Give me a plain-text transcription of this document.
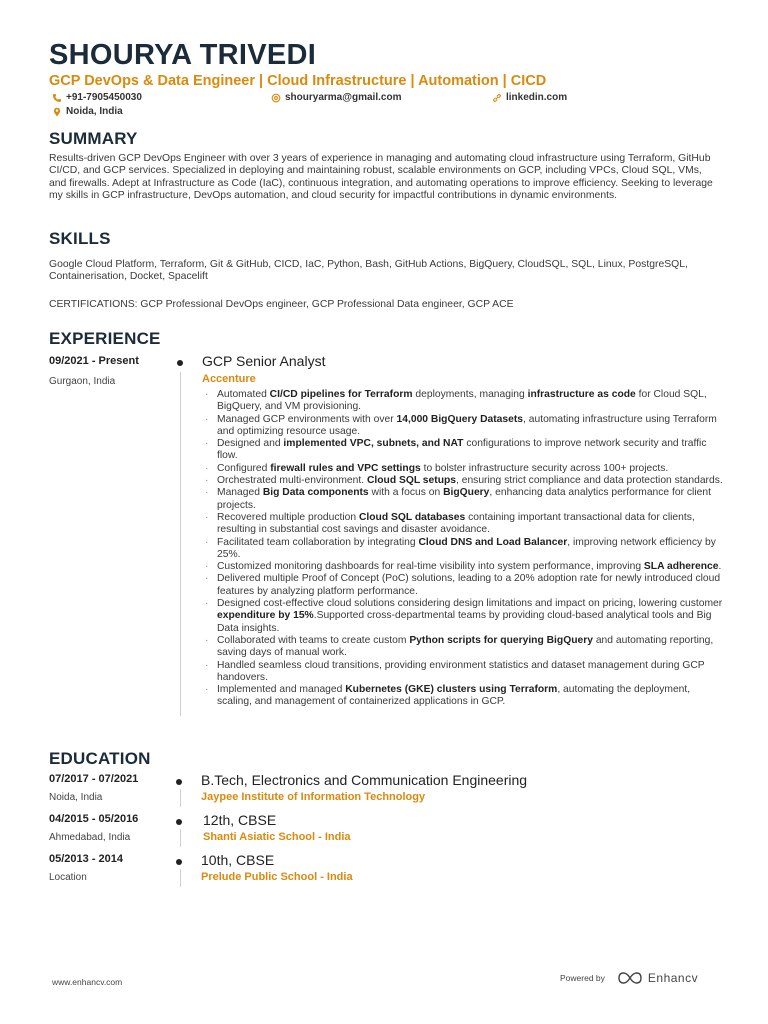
SHOURYA TRIVEDI
GCP DevOps & Data Engineer | Cloud Infrastructure | Automation | CICD
+91-7905450030	shouryarma@gmail.com	linkedin.com
Noida, India
SUMMARY
Results-driven GCP DevOps Engineer with over 3 years of experience in managing and automating cloud infrastructure using Terraform, GitHub CI/CD, and GCP services. Specialized in deploying and maintaining robust, scalable environments on GCP, including VPCs, Cloud SQL, VMs, and firewalls. Adept at Infrastructure as Code (IaC), continuous integration, and automating operations to improve efficiency. Seeking to leverage my skills in GCP infrastructure, DevOps automation, and cloud security for impactful contributions in dynamic environments.
SKILLS
Google Cloud Platform, Terraform, Git & GitHub, CICD, IaC, Python, Bash, GitHub Actions, BigQuery, CloudSQL, SQL, Linux, PostgreSQL, Containerisation, Docket, Spacelift
CERTIFICATIONS: GCP Professional DevOps engineer, GCP Professional Data engineer, GCP ACE
EXPERIENCE
09/2021 - Present
Gurgaon, India
GCP Senior Analyst
Accenture
· Automated CI/CD pipelines for Terraform deployments, managing infrastructure as code for Cloud SQL, BigQuery, and VM provisioning.
· Managed GCP environments with over 14,000 BigQuery Datasets, automating infrastructure using Terraform and optimizing resource usage.
· Designed and implemented VPC, subnets, and NAT configurations to improve network security and traffic flow.
· Configured firewall rules and VPC settings to bolster infrastructure security across 100+ projects.
· Orchestrated multi-environment. Cloud SQL setups, ensuring strict compliance and data protection standards.
· Managed Big Data components with a focus on BigQuery, enhancing data analytics performance for client projects.
· Recovered multiple production Cloud SQL databases containing important transactional data for clients, resulting in substantial cost savings and disaster avoidance.
· Facilitated team collaboration by integrating Cloud DNS and Load Balancer, improving network efficiency by 25%.
· Customized monitoring dashboards for real-time visibility into system performance, improving SLA adherence.
· Delivered multiple Proof of Concept (PoC) solutions, leading to a 20% adoption rate for newly introduced cloud features by analyzing platform performance.
· Designed cost-effective cloud solutions considering design limitations and impact on pricing, lowering customer expenditure by 15%.Supported cross-departmental teams by providing cloud-based analytical tools and Big Data insights.
· Collaborated with teams to create custom Python scripts for querying BigQuery and automating reporting, saving days of manual work.
· Handled seamless cloud transitions, providing environment statistics and dataset management during GCP handovers.
· Implemented and managed Kubernetes (GKE) clusters using Terraform, automating the deployment, scaling, and management of containerized applications in GCP.
EDUCATION
07/2017 - 07/2021
Noida, India
B.Tech, Electronics and Communication Engineering
Jaypee Institute of Information Technology
04/2015 - 05/2016
Ahmedabad, India
12th, CBSE
Shanti Asiatic School - India
05/2013 - 2014
Location
10th, CBSE
Prelude Public School - India
www.enhancv.com	Powered by	Enhancv
